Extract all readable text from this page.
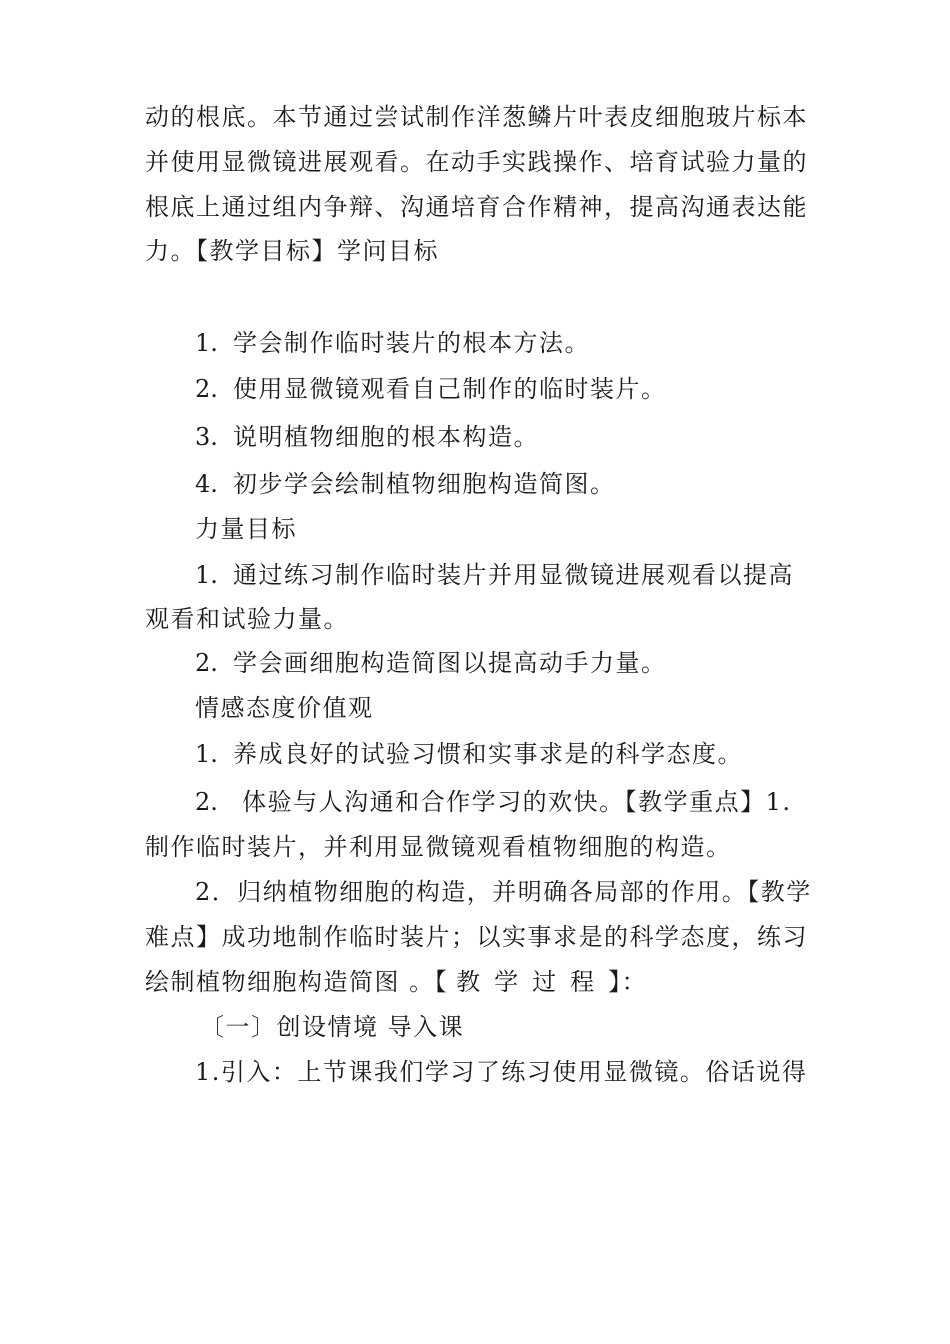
动的根底。本节通过尝试制作洋葱鳞片叶表皮细胞玻片标本
并使用显微镜进展观看。在动手实践操作、培育试验力量的
根底上通过组内争辩、沟通培育合作精神，提高沟通表达能
力。【教学目标】学问目标
1. 学会制作临时装片的根本方法。
2. 使用显微镜观看自己制作的临时装片。
3. 说明植物细胞的根本构造。
4. 初步学会绘制植物细胞构造简图。
力量目标
1. 通过练习制作临时装片并用显微镜进展观看以提高
观看和试验力量。
2. 学会画细胞构造简图以提高动手力量。
情感态度价值观
1. 养成良好的试验习惯和实事求是的科学态度。
2. 体验与人沟通和合作学习的欢快。【教学重点】1.
制作临时装片，并利用显微镜观看植物细胞的构造。
2．归纳植物细胞的构造，并明确各局部的作用。【教学
难点】成功地制作临时装片；以实事求是的科学态度，练习
绘制植物细胞构造简图 。【 教学过程】：
〔一〕创设情境 导入课
1.引入：上节课我们学习了练习使用显微镜。俗话说得
